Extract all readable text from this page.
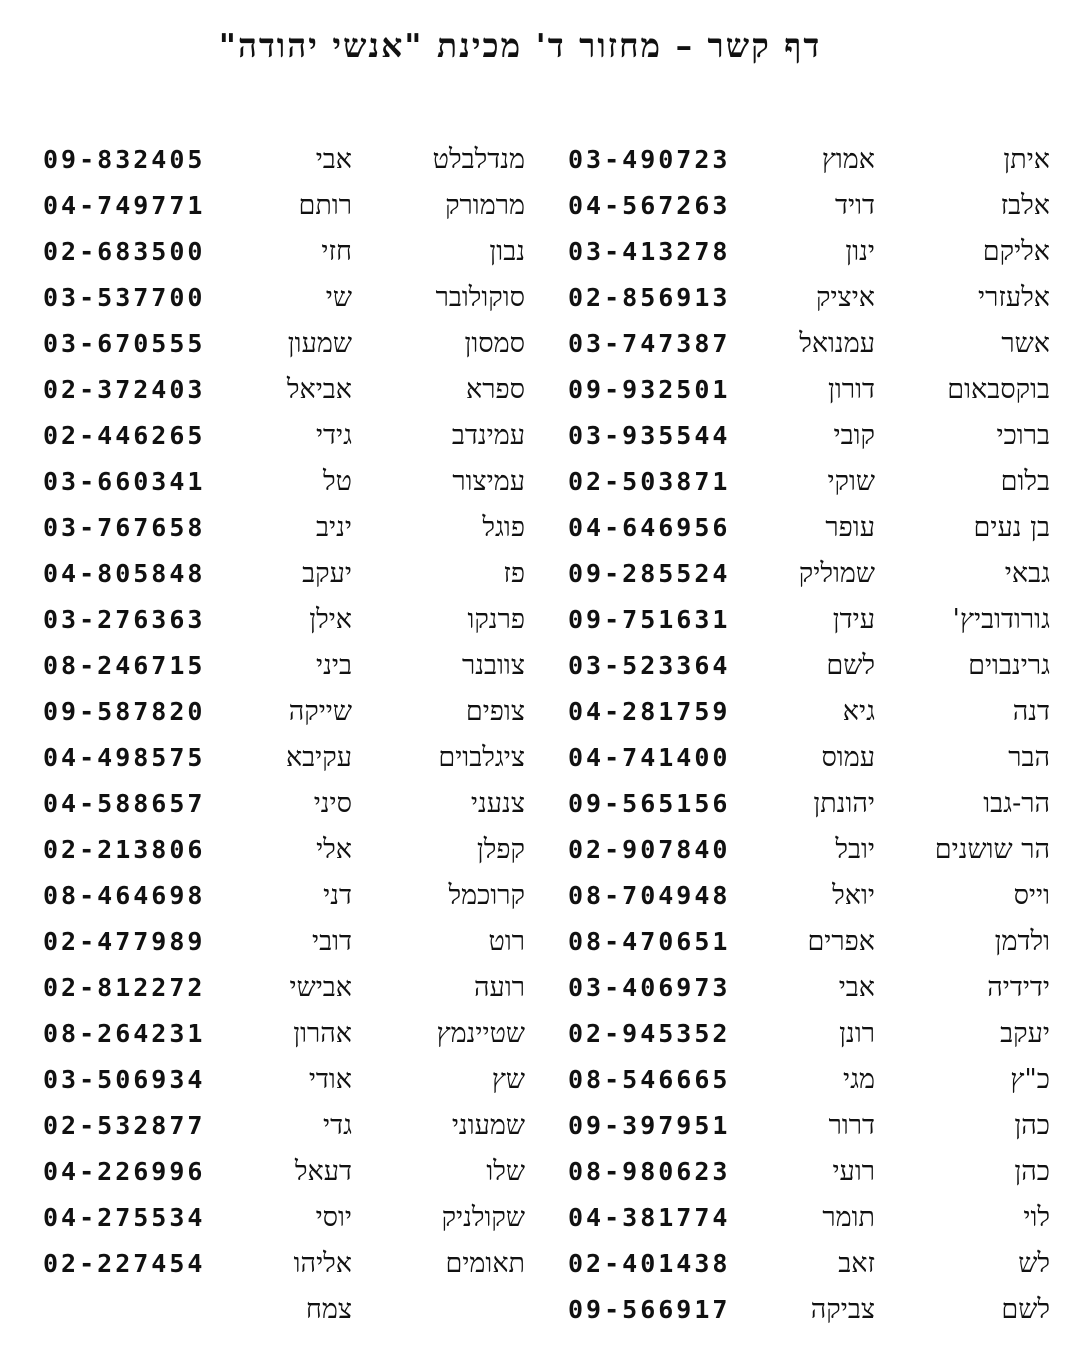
דף קשר – מחזור ד' מכינת "אנשי יהודה"
איתן
אמוץ
03-490723
מנדלבלט
אבי
09-832405
אלבז
דויד
04-567263
מרמורק
רותם
04-749771
אליקם
ינון
03-413278
נבון
חזי
02-683500
אלעזרי
איציק
02-856913
סוקולובר
שי
03-537700
אשר
עמנואל
03-747387
סמסון
שמעון
03-670555
בוקסבאום
דורון
09-932501
ספרא
אביאל
02-372403
ברוכי
קובי
03-935544
עמינדב
גידי
02-446265
בלום
שוקי
02-503871
עמיצור
טל
03-660341
בן נעים
עופר
04-646956
פוגל
יניב
03-767658
גבאי
שמוליק
09-285524
פז
יעקב
04-805848
גורודוביץ'
עידן
09-751631
פרנקו
אילן
03-276363
גרינבוים
לשם
03-523364
צוובנר
ביני
08-246715
דנה
גיא
04-281759
צופים
שייקה
09-587820
הבר
עמוס
04-741400
ציגלבוים
עקיבא
04-498575
הר-גבו
יהונתן
09-565156
צנעני
סיני
04-588657
הר שושנים
יובל
02-907840
קפלן
אלי
02-213806
וייס
יואל
08-704948
קרוכמל
דני
08-464698
ולדמן
אפרים
08-470651
רוט
דובי
02-477989
ידידיה
אבי
03-406973
רועה
אבישי
02-812272
יעקב
רונן
02-945352
שטיינמץ
אהרון
08-264231
כ"ץ
מגי
08-546665
שץ
אודי
03-506934
כהן
דרור
09-397951
שמעוני
גדי
02-532877
כהן
רועי
08-980623
שלו
דעאל
04-226996
לוי
תומר
04-381774
שקולניק
יוסי
04-275534
לש
זאב
02-401438
תאומים
אליהו
02-227454
לשם
צביקה
09-566917
צמח
